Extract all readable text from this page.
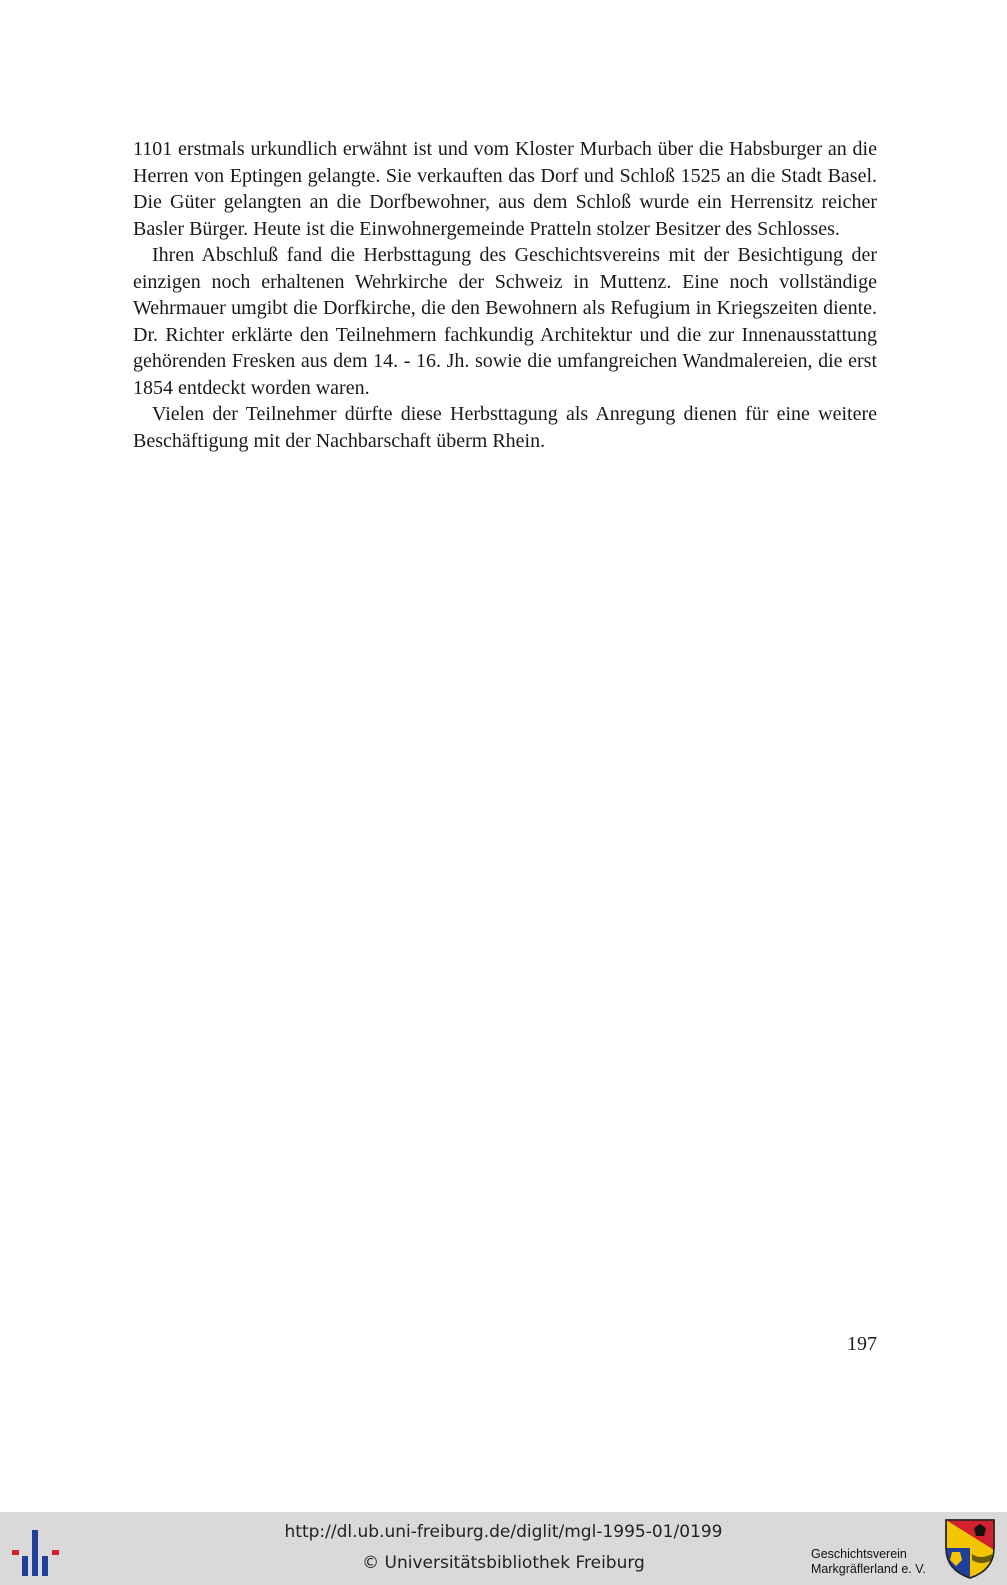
1101 erstmals urkundlich erwähnt ist und vom Kloster Murbach über die Habsburger an die Herren von Eptingen gelangte. Sie verkauften das Dorf und Schloß 1525 an die Stadt Basel. Die Güter gelangten an die Dorfbewohner, aus dem Schloß wurde ein Herrensitz reicher Basler Bürger. Heute ist die Einwohnergemeinde Pratteln stolzer Besitzer des Schlosses.

Ihren Abschluß fand die Herbsttagung des Geschichtsvereins mit der Besichtigung der einzigen noch erhaltenen Wehrkirche der Schweiz in Muttenz. Eine noch vollständige Wehrmauer umgibt die Dorfkirche, die den Bewohnern als Refugium in Kriegszeiten diente. Dr. Richter erklärte den Teilnehmern fachkundig Architektur und die zur Innenausstattung gehörenden Fresken aus dem 14. - 16. Jh. sowie die umfangreichen Wandmalereien, die erst 1854 entdeckt worden waren.

Vielen der Teilnehmer dürfte diese Herbsttagung als Anregung dienen für eine weitere Beschäftigung mit der Nachbarschaft überm Rhein.

197
http://dl.ub.uni-freiburg.de/diglit/mgl-1995-01/0199
© Universitätsbibliothek Freiburg	Geschichtsverein
Markgräflerland e. V.
